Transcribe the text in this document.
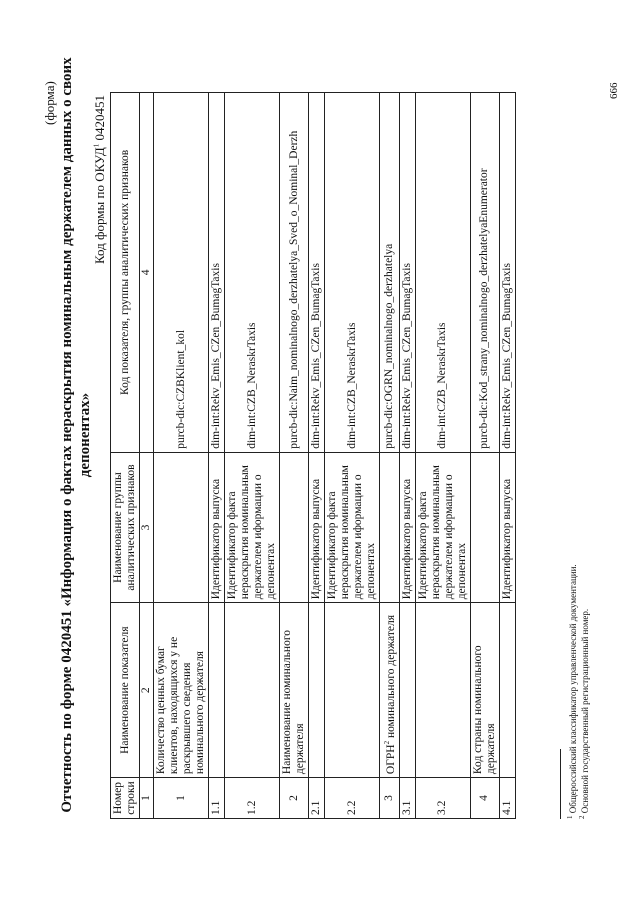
(форма) Отчетность по форме 0420451 «Информация о фактах нераскрытия номинальным держателем данных о своих депонентах»
Код формы по ОКУД$^1$ 0420451
Номер строки	Наименование показателя	Наименование группы аналитических признаков	Код показателя, группы аналитических признаков
1	2	3	4
1	Количество ценных бумаг клиентов, находящихся у не раскрывшего сведения номинального держателя		purcb-dic:CZBKlient_kol
1.1		Идентификатор выпуска	dim-int:Rekv_Emis_CZen_BumagTaxis
1.2		Идентификатор факта нераскрытия номинальным держателем иформации о депонентах	dim-int:CZB_NeraskrTaxis
2	Наименование номинального держателя		purcb-dic:Naim_nominalnogo_derzhatelya_Sved_o_Nominal_Derzh
2.1		Идентификатор выпуска	dim-int:Rekv_Emis_CZen_BumagTaxis
2.2		Идентификатор факта нераскрытия номинальным держателем иформации о депонентах	dim-int:CZB_NeraskrTaxis
3	ОГРН$^2$ номинального держателя		purcb-dic:OGRN_nominalnogo_derzhatelya
3.1		Идентификатор выпуска	dim-int:Rekv_Emis_CZen_BumagTaxis
3.2		Идентификатор факта нераскрытия номинальным держателем иформации о депонентах	dim-int:CZB_NeraskrTaxis
4	Код страны номинального держателя		purcb-dic:Kod_strany_nominalnogo_derzhatelyaEnumerator
4.1		Идентификатор выпуска	dim-int:Rekv_Emis_CZen_BumagTaxis
$^1$ Общероссийский классификатор управленческой документации.
$^2$ Основной государственный регистрационный номер.
666
